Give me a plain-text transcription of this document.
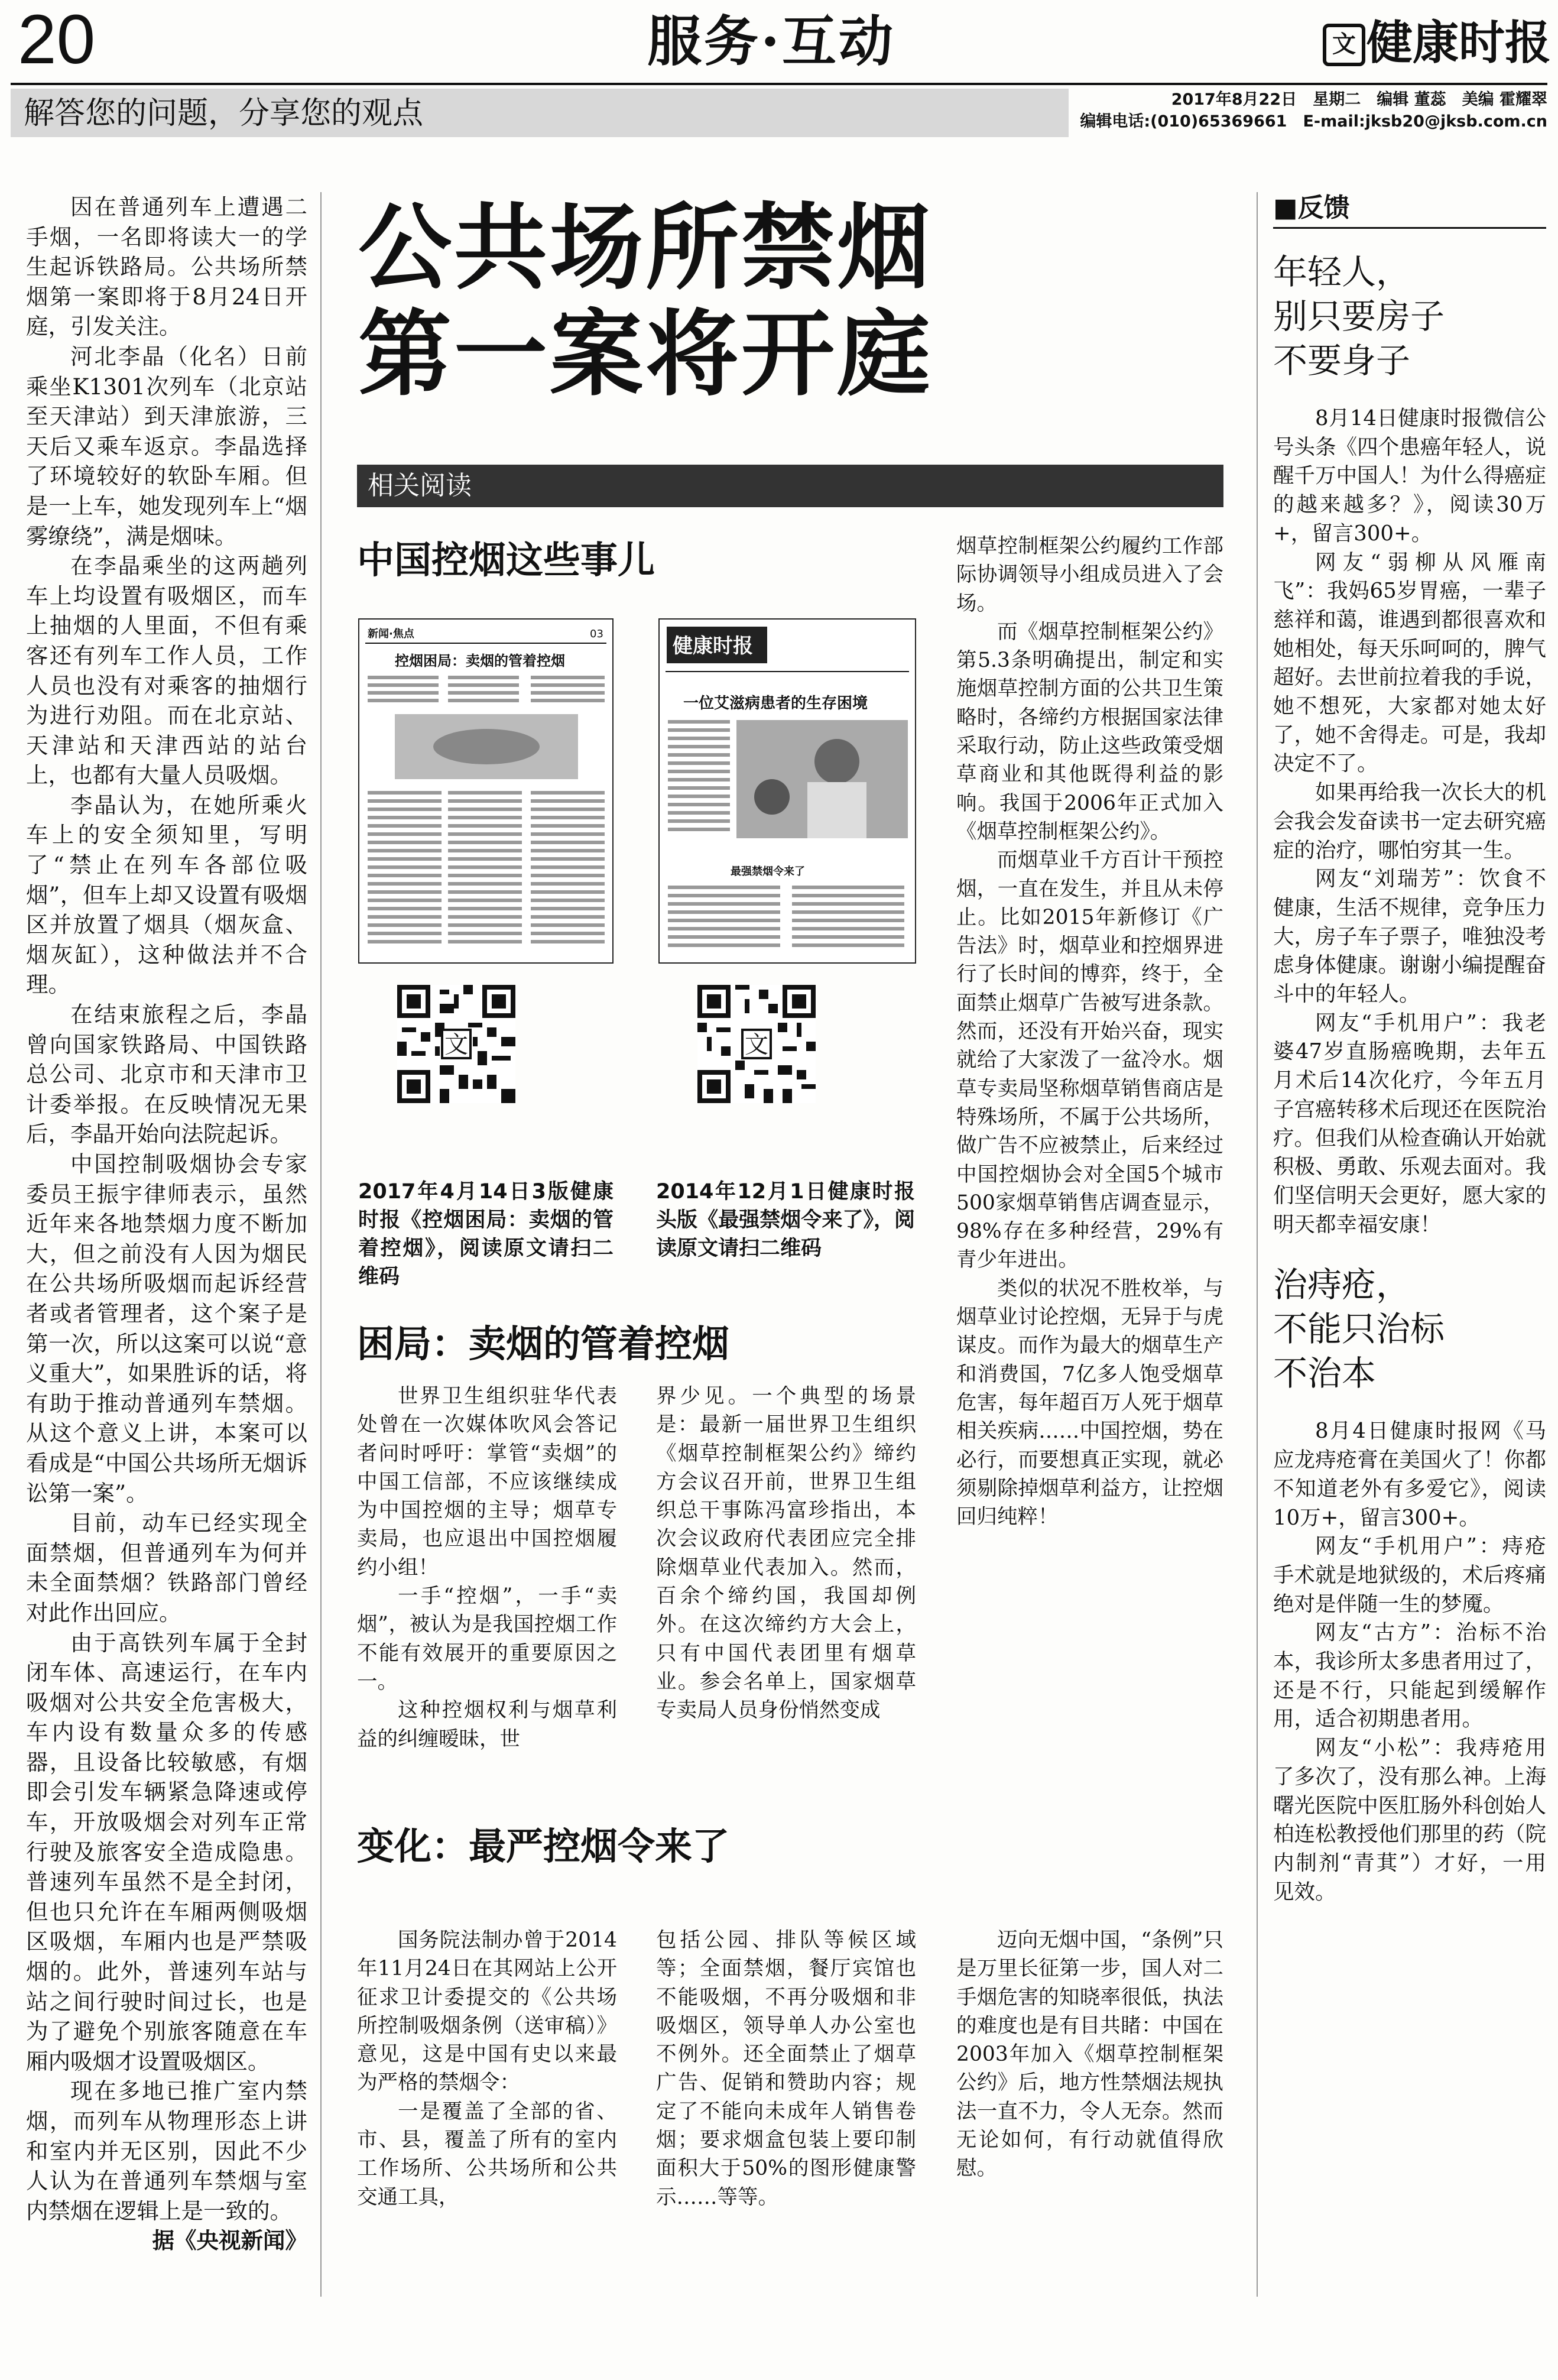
20	服务·互动	文 健康时报
解答您的问题，分享您的观点	2017年8月22日　星期二　编辑 董蕊　美编 霍耀翠
编辑电话:(010)65369661　E-mail:jksb20@jksb.com.cn

因在普通列车上遭遇二手烟，一名即将读大一的学生起诉铁路局。公共场所禁烟第一案即将于8月24日开庭，引发关注。

河北李晶（化名）日前乘坐K1301次列车（北京站至天津站）到天津旅游，三天后又乘车返京。李晶选择了环境较好的软卧车厢。但是一上车，她发现列车上“烟雾缭绕”，满是烟味。

在李晶乘坐的这两趟列车上均设置有吸烟区，而车上抽烟的人里面，不但有乘客还有列车工作人员，工作人员也没有对乘客的抽烟行为进行劝阻。而在北京站、天津站和天津西站的站台上，也都有大量人员吸烟。

李晶认为，在她所乘火车上的安全须知里，写明了“禁止在列车各部位吸烟”，但车上却又设置有吸烟区并放置了烟具（烟灰盒、烟灰缸），这种做法并不合理。

在结束旅程之后，李晶曾向国家铁路局、中国铁路总公司、北京市和天津市卫计委举报。在反映情况无果后，李晶开始向法院起诉。

中国控制吸烟协会专家委员王振宇律师表示，虽然近年来各地禁烟力度不断加大，但之前没有人因为烟民在公共场所吸烟而起诉经营者或者管理者，这个案子是第一次，所以这案可以说“意义重大”，如果胜诉的话，将有助于推动普通列车禁烟。从这个意义上讲，本案可以看成是“中国公共场所无烟诉讼第一案”。

目前，动车已经实现全面禁烟，但普通列车为何并未全面禁烟？铁路部门曾经对此作出回应。

由于高铁列车属于全封闭车体、高速运行，在车内吸烟对公共安全危害极大，车内设有数量众多的传感器，且设备比较敏感，有烟即会引发车辆紧急降速或停车，开放吸烟会对列车正常行驶及旅客安全造成隐患。普速列车虽然不是全封闭，但也只允许在车厢两侧吸烟区吸烟，车厢内也是严禁吸烟的。此外，普速列车站与站之间行驶时间过长，也是为了避免个别旅客随意在车厢内吸烟才设置吸烟区。

现在多地已推广室内禁烟，而列车从物理形态上讲和室内并无区别，因此不少人认为在普通列车禁烟与室内禁烟在逻辑上是一致的。

据《央视新闻》

公共场所禁烟
第一案将开庭
相关阅读
中国控烟这些事儿
新闻·焦点	03
控烟困局：卖烟的管着控烟
健康时报
一位艾滋病患者的生存困境
最强禁烟令来了
文	文
2017年4月14日3版健康时报《控烟困局：卖烟的管着控烟》，阅读原文请扫二维码
2014年12月1日健康时报头版《最强禁烟令来了》，阅读原文请扫二维码

烟草控制框架公约履约工作部际协调领导小组成员进入了会场。

而《烟草控制框架公约》第5.3条明确提出，制定和实施烟草控制方面的公共卫生策略时，各缔约方根据国家法律采取行动，防止这些政策受烟草商业和其他既得利益的影响。我国于2006年正式加入《烟草控制框架公约》。

而烟草业千方百计干预控烟，一直在发生，并且从未停止。比如2015年新修订《广告法》时，烟草业和控烟界进行了长时间的博弈，终于，全面禁止烟草广告被写进条款。然而，还没有开始兴奋，现实就给了大家泼了一盆冷水。烟草专卖局坚称烟草销售商店是特殊场所，不属于公共场所，做广告不应被禁止，后来经过中国控烟协会对全国5个城市500家烟草销售店调查显示，98%存在多种经营，29%有青少年进出。

类似的状况不胜枚举，与烟草业讨论控烟，无异于与虎谋皮。而作为最大的烟草生产和消费国，7亿多人饱受烟草危害，每年超百万人死于烟草相关疾病……中国控烟，势在必行，而要想真正实现，就必须剔除掉烟草利益方，让控烟回归纯粹！

困局：卖烟的管着控烟

世界卫生组织驻华代表处曾在一次媒体吹风会答记者问时呼吁：掌管“卖烟”的中国工信部，不应该继续成为中国控烟的主导；烟草专卖局，也应退出中国控烟履约小组！

一手“控烟”，一手“卖烟”，被认为是我国控烟工作不能有效展开的重要原因之一。

这种控烟权利与烟草利益的纠缠暧昧，世

界少见。一个典型的场景是：最新一届世界卫生组织《烟草控制框架公约》缔约方会议召开前，世界卫生组织总干事陈冯富珍指出，本次会议政府代表团应完全排除烟草业代表加入。然而，百余个缔约国，我国却例外。在这次缔约方大会上，只有中国代表团里有烟草业。参会名单上，国家烟草专卖局人员身份悄然变成

变化：最严控烟令来了

国务院法制办曾于2014年11月24日在其网站上公开征求卫计委提交的《公共场所控制吸烟条例（送审稿）》意见，这是中国有史以来最为严格的禁烟令：

一是覆盖了全部的省、市、县，覆盖了所有的室内工作场所、公共场所和公共交通工具，

包括公园、排队等候区域等；全面禁烟，餐厅宾馆也不能吸烟，不再分吸烟和非吸烟区，领导单人办公室也不例外。还全面禁止了烟草广告、促销和赞助内容；规定了不能向未成年人销售卷烟；要求烟盒包装上要印制面积大于50%的图形健康警示……等等。

迈向无烟中国，“条例”只是万里长征第一步，国人对二手烟危害的知晓率很低，执法的难度也是有目共睹：中国在2003年加入《烟草控制框架公约》后，地方性禁烟法规执法一直不力，令人无奈。然而无论如何，有行动就值得欣慰。

■反馈
年轻人，
别只要房子
不要身子

8月14日健康时报微信公号头条《四个患癌年轻人，说醒千万中国人！为什么得癌症的越来越多？》，阅读30万+，留言300+。

网友“弱柳从风雁南飞”：我妈65岁胃癌，一辈子慈祥和蔼，谁遇到都很喜欢和她相处，每天乐呵呵的，脾气超好。去世前拉着我的手说，她不想死，大家都对她太好了，她不舍得走。可是，我却决定不了。

如果再给我一次长大的机会我会发奋读书一定去研究癌症的治疗，哪怕穷其一生。

网友“刘瑞芳”：饮食不健康，生活不规律，竞争压力大，房子车子票子，唯独没考虑身体健康。谢谢小编提醒奋斗中的年轻人。

网友“手机用户”：我老婆47岁直肠癌晚期，去年五月术后14次化疗，今年五月子宫癌转移术后现还在医院治疗。但我们从检查确认开始就积极、勇敢、乐观去面对。我们坚信明天会更好，愿大家的明天都幸福安康！

治痔疮，
不能只治标
不治本

8月4日健康时报网《马应龙痔疮膏在美国火了！你都不知道老外有多爱它》，阅读10万+，留言300+。

网友“手机用户”：痔疮手术就是地狱级的，术后疼痛绝对是伴随一生的梦魇。

网友“古方”：治标不治本，我诊所太多患者用过了，还是不行，只能起到缓解作用，适合初期患者用。

网友“小松”：我痔疮用了多次了，没有那么神。上海曙光医院中医肛肠外科创始人柏连松教授他们那里的药（院内制剂“青萁”）才好，一用见效。
